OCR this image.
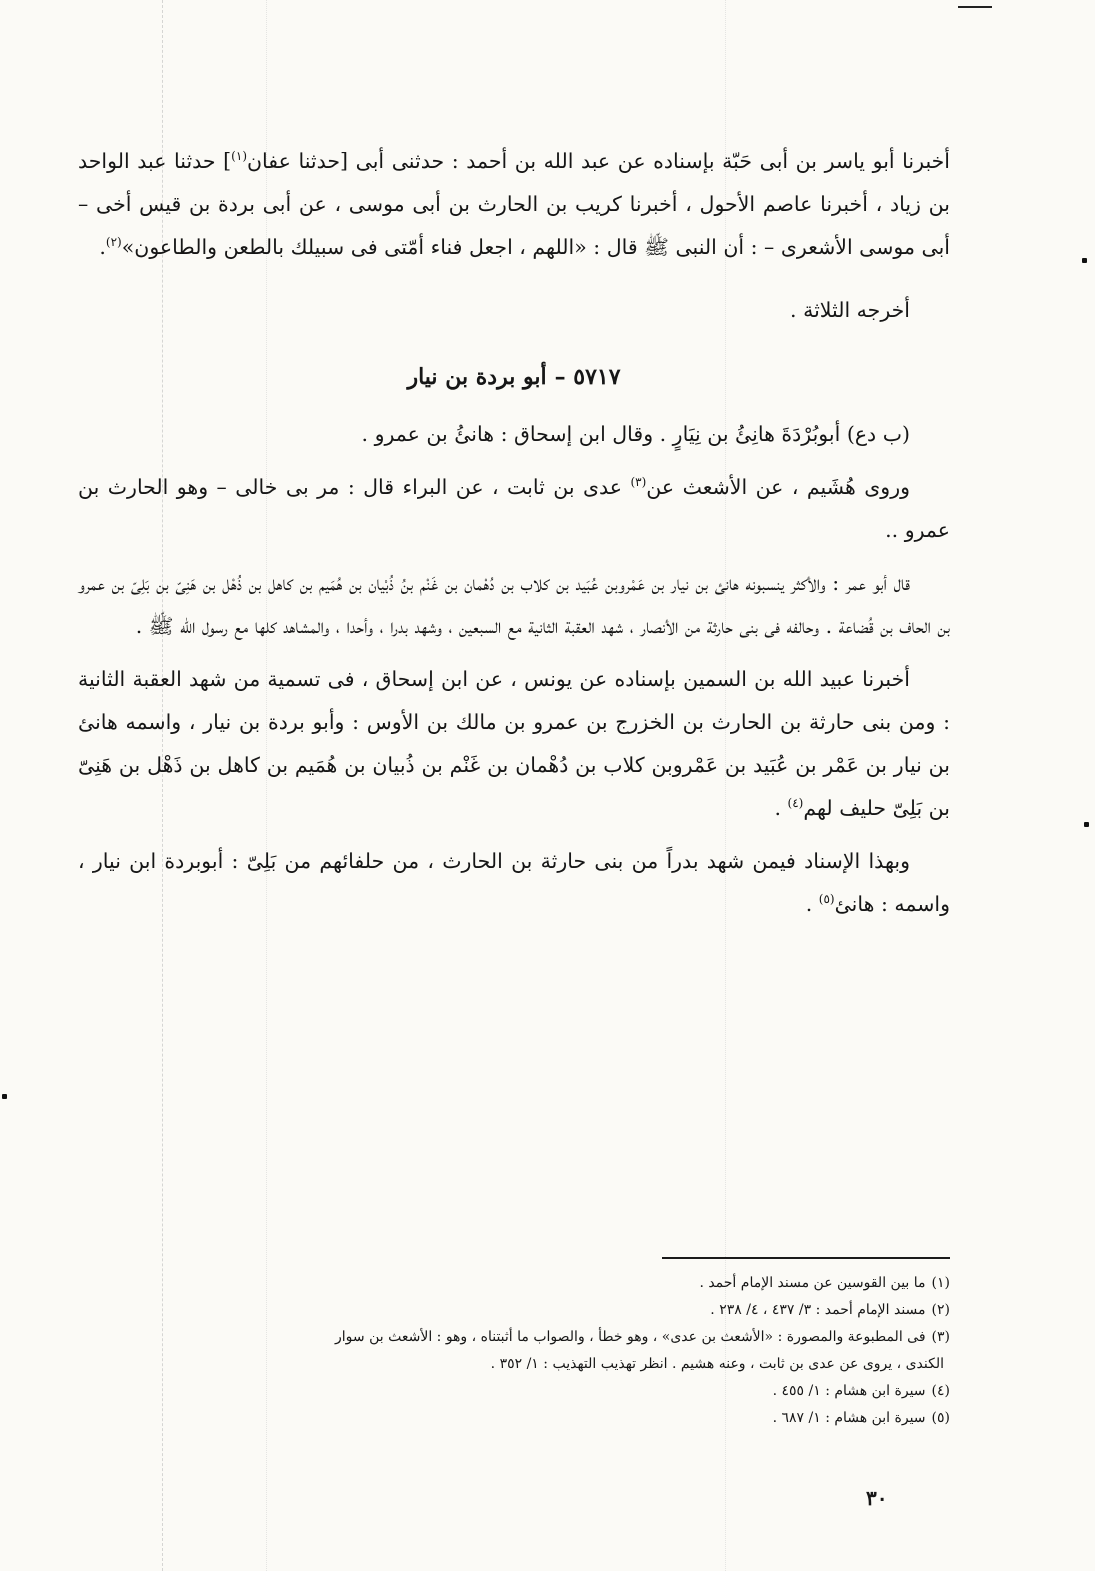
أخبرنا أبو ياسر بن أبى حَبّة بإسناده عن عبد الله بن أحمد : حدثنى أبى [حدثنا عفان$^{(١)}$] حدثنا عبد الواحد بن زياد ، أخبرنا عاصم الأحول ، أخبرنا كريب بن الحارث بن أبى موسى ، عن أبى بردة بن قيس أخى – أبى موسى الأشعرى – : أن النبى ﷺ قال : «اللهم ، اجعل فناء أمّتى فى سبيلك بالطعن والطاعون»$^{(٢)}$.

أخرجه الثلاثة .

٥٧١٧ –أبو بردة بن نيار

(ب دع) أبوبُرْدَةَ هانِئُ بن نِيَارٍ . وقال ابن إسحاق : هانئُ بن عمرو .

وروى هُشَيم ، عن الأشعث عن$^{(٣)}$ عدى بن ثابت ، عن البراء قال : مر بى خالى – وهو الحارث بن عمرو ..

قال أبو عمر : والأكثر ينسبونه هانئ بن نيار بن عَمْروبن عُبَيد بن كلاب بن دُهْمان بن غَنْم بنُ ذُبْيان بن هُمَيم بن كاهل بن ذُهْل بن هَنِىّ بن بَلِىّ بن عمرو بن الحاف بن قُضاعة . وحالفه فى بنى حارثة من الأنصار ، شهد العقبة الثانية مع السبعين ، وشهد بدرا ، وأحدا ، والمشاهد كلها مع رسول الله ﷺ .

أخبرنا عبيد الله بن السمين بإسناده عن يونس ، عن ابن إسحاق ، فى تسمية من شهد العقبة الثانية : ومن بنى حارثة بن الحارث بن الخزرج بن عمرو بن مالك بن الأوس : وأبو بردة بن نيار ، واسمه هانئ بن نيار بن عَمْر بن عُبَيد بن عَمْروبن كلاب بن دُهْمان بن غَنْم بن ذُبيان بن هُمَيم بن كاهل بن ذَهْل بن هَنِىّ بن بَلِىّ حليف لهم$^{(٤)}$ .

وبهذا الإسناد فيمن شهد بدراً من بنى حارثة بن الحارث ، من حلفائهم من بَلِىّ : أبوبردة ابن نيار ، واسمه : هانئ$^{(٥)}$ .

(١)ما بين القوسين عن مسند الإمام أحمد .

(٢)مسند الإمام أحمد : ٣/ ٤٣٧ ، ٤/ ٢٣٨ .

(٣)فى المطبوعة والمصورة : «الأشعث بن عدى» ، وهو خطأ ، والصواب ما أثبتناه ، وهو : الأشعث بن سوار

الكندى ، يروى عن عدى بن ثابت ، وعنه هشيم . انظر تهذيب التهذيب : ١/ ٣٥٢ .

(٤)سيرة ابن هشام : ١/ ٤٥٥ .

(٥)سيرة ابن هشام : ١/ ٦٨٧ .

٣٠
